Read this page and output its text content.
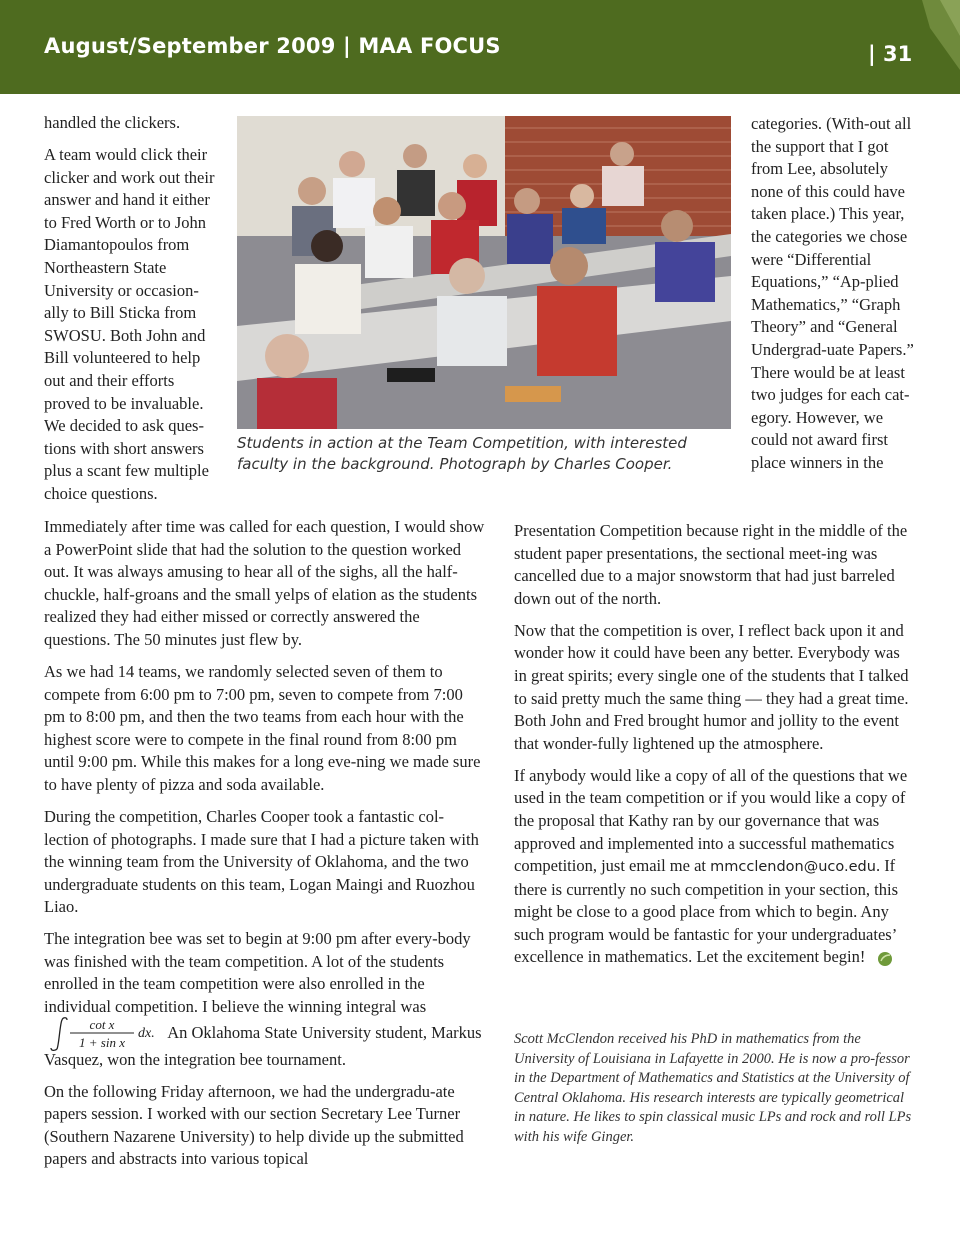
August/September 2009 | MAA FOCUS	| 31

handled the clickers.

A team would click their clicker and work out their answer and hand it either to Fred Worth or to John Diamantopoulos from Northeastern State University or occasion-ally to Bill Sticka from SWOSU. Both John and Bill volunteered to help out and their efforts proved to be invaluable. We decided to ask ques-tions with short answers plus a scant few multiple choice questions.

Students in action at the Team Competition, with interested faculty in the background. Photograph by Charles Cooper.

categories. (With-out all the support that I got from Lee, absolutely none of this could have taken place.) This year, the categories we chose were “Differential Equations,” “Ap-plied Mathematics,” “Graph Theory” and “General Undergrad-uate Papers.” There would be at least two judges for each cat-egory. However, we could not award first place winners in the

Immediately after time was called for each question, I would show a PowerPoint slide that had the solution to the question worked out. It was always amusing to hear all of the sighs, all the half-chuckle, half-groans and the small yelps of elation as the students realized they had either missed or correctly answered the questions. The 50 minutes just flew by.

As we had 14 teams, we randomly selected seven of them to compete from 6:00 pm to 7:00 pm, seven to compete from 7:00 pm to 8:00 pm, and then the two teams from each hour with the highest score were to compete in the final round from 8:00 pm until 9:00 pm. While this makes for a long eve-ning we made sure to have plenty of pizza and soda available.

During the competition, Charles Cooper took a fantastic col-lection of photographs. I made sure that I had a picture taken with the winning team from the University of Oklahoma, and the two undergraduate students on this team, Logan Maingi and Ruozhou Liao.

The integration bee was set to begin at 9:00 pm after every-body was finished with the team competition. A lot of the students enrolled in the team competition were also enrolled in the individual competition. I believe the winning integral was
cot x
1 + sin x
dx. An Oklahoma State University student, Markus Vasquez, won the integration bee tournament.

On the following Friday afternoon, we had the undergradu-ate papers session. I worked with our section Secretary Lee Turner (Southern Nazarene University) to help divide up the submitted papers and abstracts into various topical

Presentation Competition because right in the middle of the student paper presentations, the sectional meet-ing was cancelled due to a major snowstorm that had just barreled down out of the north.

Now that the competition is over, I reflect back upon it and wonder how it could have been any better. Everybody was in great spirits; every single one of the students that I talked to said pretty much the same thing — they had a great time. Both John and Fred brought humor and jollity to the event that wonder-fully lightened up the atmosphere.

If anybody would like a copy of all of the questions that we used in the team competition or if you would like a copy of the proposal that Kathy ran by our governance that was approved and implemented into a successful mathematics competition, just email me at mmcclendon@uco.edu. If there is currently no such competition in your section, this might be close to a good place from which to begin. Any such program would be fantastic for your undergraduates’ excellence in mathematics. Let the excitement begin!

Scott McClendon received his PhD in mathematics from the University of Louisiana in Lafayette in 2000. He is now a pro-fessor in the Department of Mathematics and Statistics at the University of Central Oklahoma. His research interests are typically geometrical in nature. He likes to spin classical music LPs and rock and roll LPs with his wife Ginger.
